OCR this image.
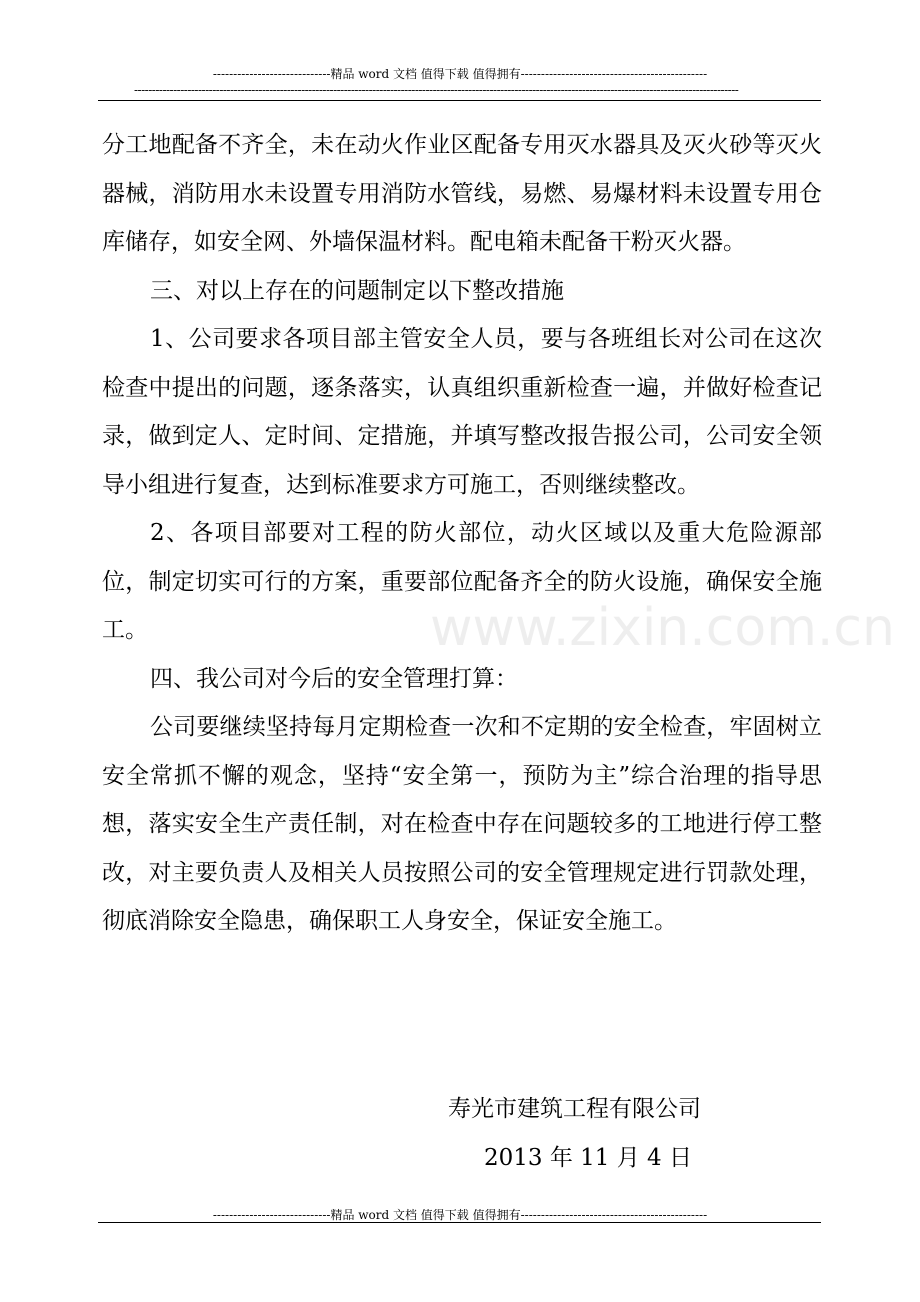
-----------------------------精品 word 文档 值得下载 值得拥有----------------------------------------------
--------------------------------------------------------------------------------------------------------------------------------------------------------------------------
www.zixin.com.cn

分工地配备不齐全，未在动火作业区配备专用灭水器具及灭火砂等灭火器械，消防用水未设置专用消防水管线，易燃、易爆材料未设置专用仓库储存，如安全网、外墙保温材料。配电箱未配备干粉灭火器。

三、对以上存在的问题制定以下整改措施

1、公司要求各项目部主管安全人员，要与各班组长对公司在这次检查中提出的问题，逐条落实，认真组织重新检查一遍，并做好检查记录，做到定人、定时间、定措施，并填写整改报告报公司，公司安全领导小组进行复查，达到标准要求方可施工，否则继续整改。

2、各项目部要对工程的防火部位，动火区域以及重大危险源部位，制定切实可行的方案，重要部位配备齐全的防火设施，确保安全施工。

四、我公司对今后的安全管理打算：

公司要继续坚持每月定期检查一次和不定期的安全检查，牢固树立安全常抓不懈的观念，坚持“安全第一，预防为主”综合治理的指导思想，落实安全生产责任制，对在检查中存在问题较多的工地进行停工整改，对主要负责人及相关人员按照公司的安全管理规定进行罚款处理，彻底消除安全隐患，确保职工人身安全，保证安全施工。

寿光市建筑工程有限公司
2013 年 11 月 4 日
-----------------------------精品 word 文档 值得下载 值得拥有----------------------------------------------
